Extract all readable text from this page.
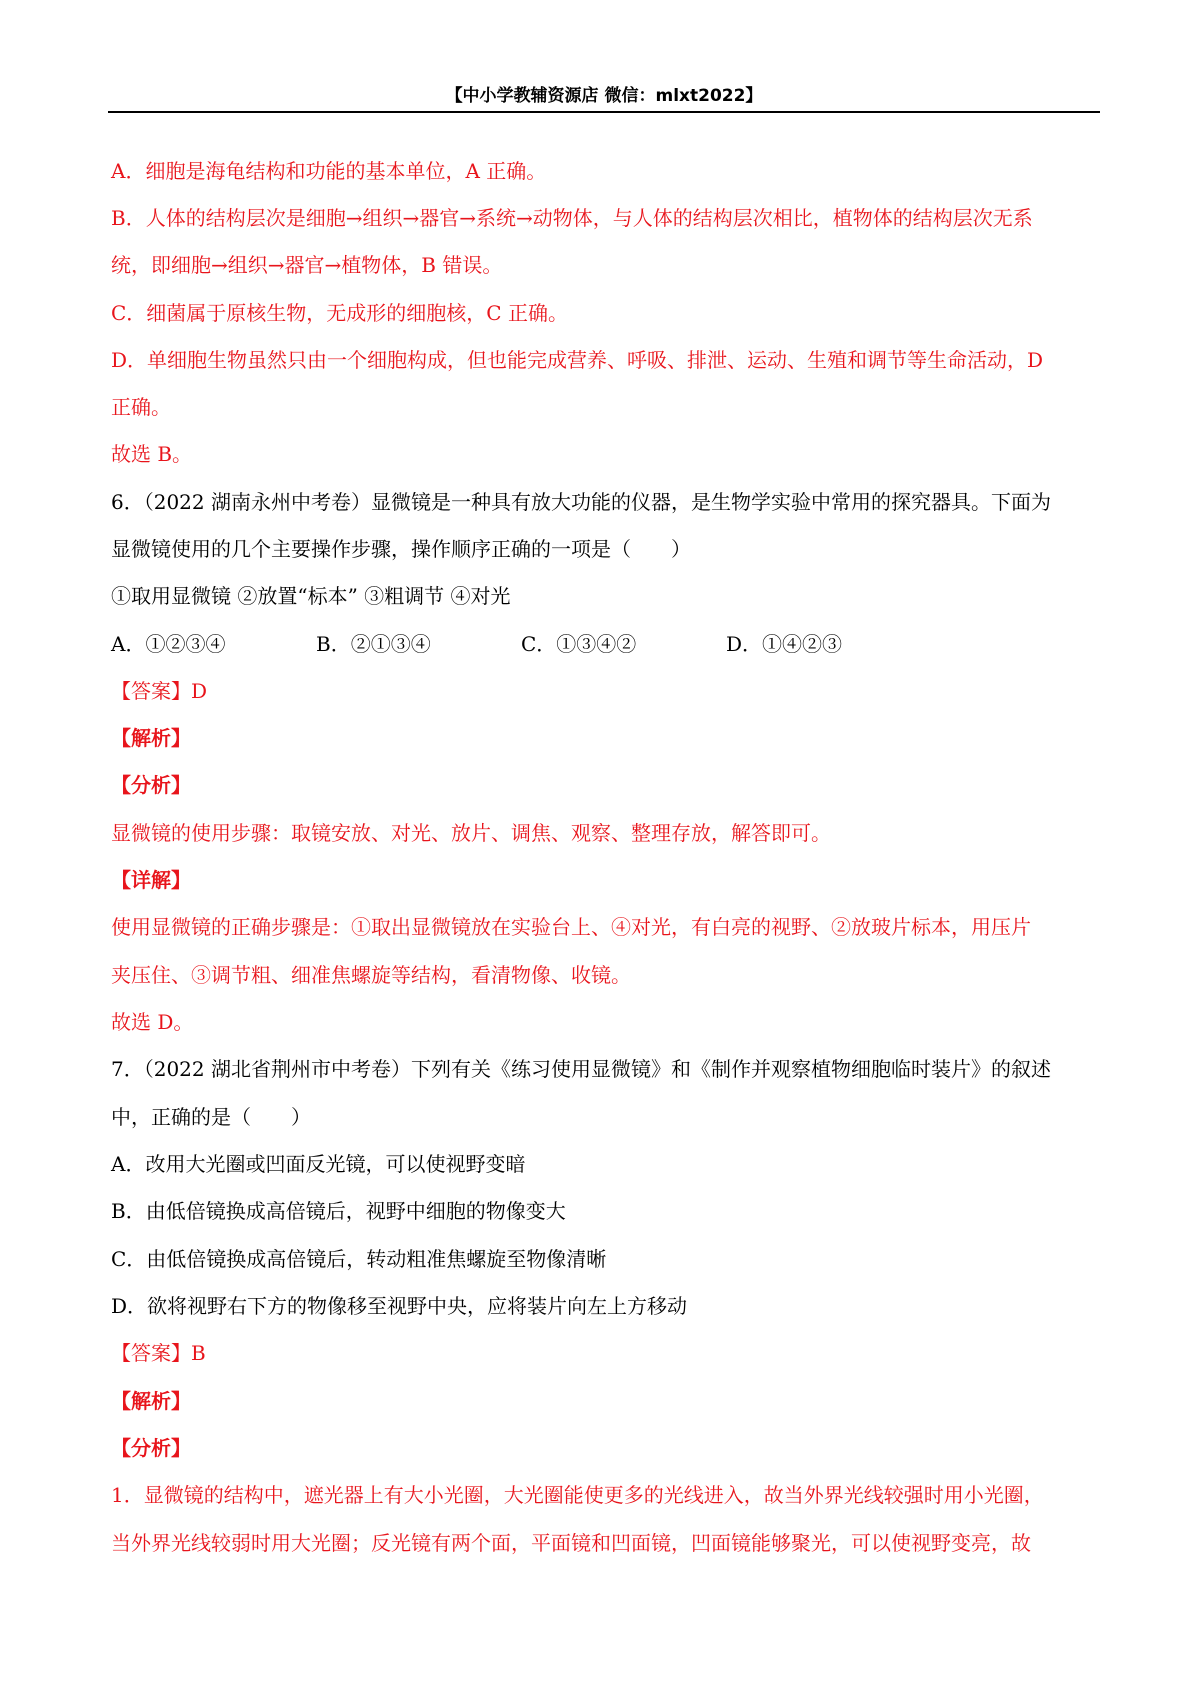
【中小学教辅资源店 微信：mlxt2022】
A．细胞是海龟结构和功能的基本单位，A 正确。
B．人体的结构层次是细胞→组织→器官→系统→动物体，与人体的结构层次相比，植物体的结构层次无系
统，即细胞→组织→器官→植物体，B 错误。
C．细菌属于原核生物，无成形的细胞核，C 正确。
D．单细胞生物虽然只由一个细胞构成，但也能完成营养、呼吸、排泄、运动、生殖和调节等生命活动，D
正确。
故选 B。
6．（2022 湖南永州中考卷）显微镜是一种具有放大功能的仪器，是生物学实验中常用的探究器具。下面为
显微镜使用的几个主要操作步骤，操作顺序正确的一项是（　　）
①取用显微镜 ②放置“标本” ③粗调节 ④对光
A．①②③④	B．②①③④	C．①③④②	D．①④②③
【答案】D
【解析】
【分析】
显微镜的使用步骤：取镜安放、对光、放片、调焦、观察、整理存放，解答即可。
【详解】
使用显微镜的正确步骤是：①取出显微镜放在实验台上、④对光，有白亮的视野、②放玻片标本，用压片
夹压住、③调节粗、细准焦螺旋等结构，看清物像、收镜。
故选 D。
7．（2022 湖北省荆州市中考卷）下列有关《练习使用显微镜》和《制作并观察植物细胞临时装片》的叙述
中，正确的是（　　）
A．改用大光圈或凹面反光镜，可以使视野变暗
B．由低倍镜换成高倍镜后，视野中细胞的物像变大
C．由低倍镜换成高倍镜后，转动粗准焦螺旋至物像清晰
D．欲将视野右下方的物像移至视野中央，应将装片向左上方移动
【答案】B
【解析】
【分析】
1．显微镜的结构中，遮光器上有大小光圈，大光圈能使更多的光线进入，故当外界光线较强时用小光圈，
当外界光线较弱时用大光圈；反光镜有两个面，平面镜和凹面镜，凹面镜能够聚光，可以使视野变亮，故
